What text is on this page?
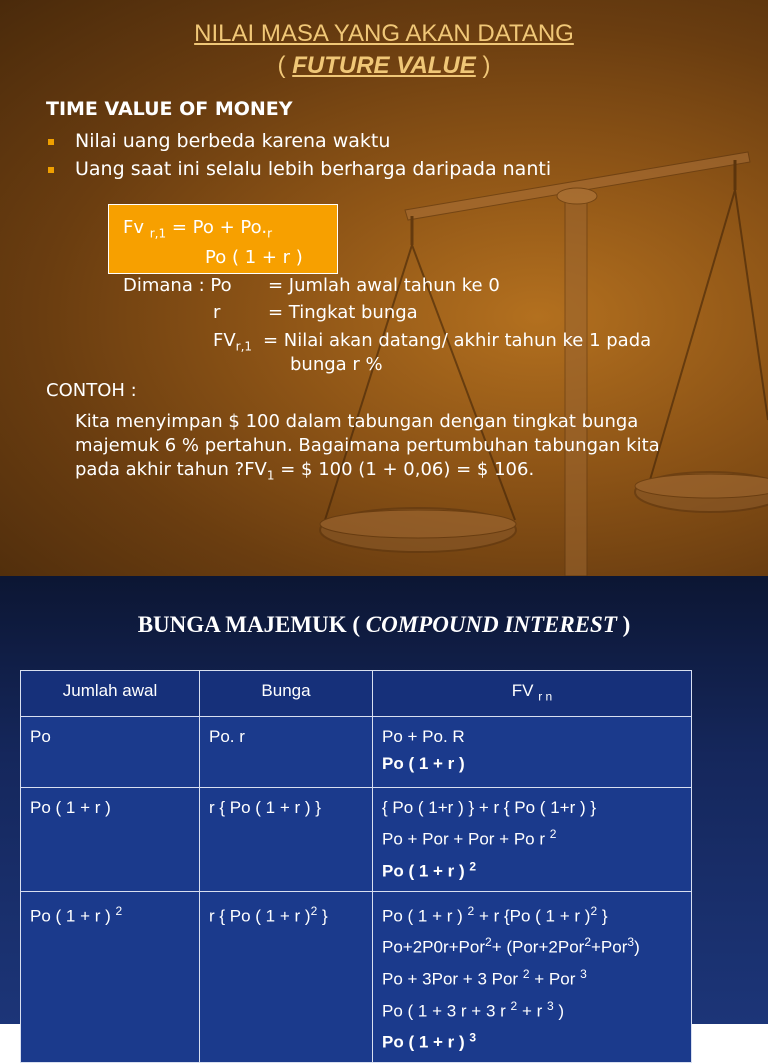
NILAI MASA YANG AKAN DATANG
( FUTURE VALUE )
TIME VALUE OF MONEY
Nilai uang berbeda karena waktu
Uang saat ini selalu lebih berharga daripada nanti
Fv $_{r,1} = Po + Po._r$
Po ( 1 + r )
Dimana : Po = Jumlah awal tahun ke 0
r	= Tingkat bunga
$FV_{r,1}$ = Nilai akan datang/ akhir tahun ke 1 pada
bunga r %
CONTOH :
Kita menyimpan $ 100 dalam tabungan dengan tingkat bunga
majemuk 6 % pertahun. Bagaimana pertumbuhan tabungan kita
pada akhir tahun $?FV_1$ = $ 100 (1 + 0,06) = $ 106.
BUNGA MAJEMUK ( COMPOUND INTEREST )
Jumlah awal	Bunga	FV $_{r n}$
Po	Po. r	Po + Po. R
Po ( 1 + r )

Po ( 1 + r )	r { Po ( 1 + r ) }	{ Po ( 1+r ) } + r { Po ( 1+r ) }
Po + Por + Por + Po r $^2$
Po ( 1 + r ) $^2$

Po ( 1 + r ) $^2$	r { Po ( 1 + r )$^2$ }	Po ( 1 + r ) $^2$ + r {Po ( 1 + r )$^2$ }
Po+2P0r+Por$^2$+ (Por+2Por$^2$+Por$^3$)
Po + 3Por + 3 Por $^2$ + Por $^3$
Po ( 1 + 3 r + 3 r $^2$ + r $^3$ )
Po ( 1 + r ) $^3$
